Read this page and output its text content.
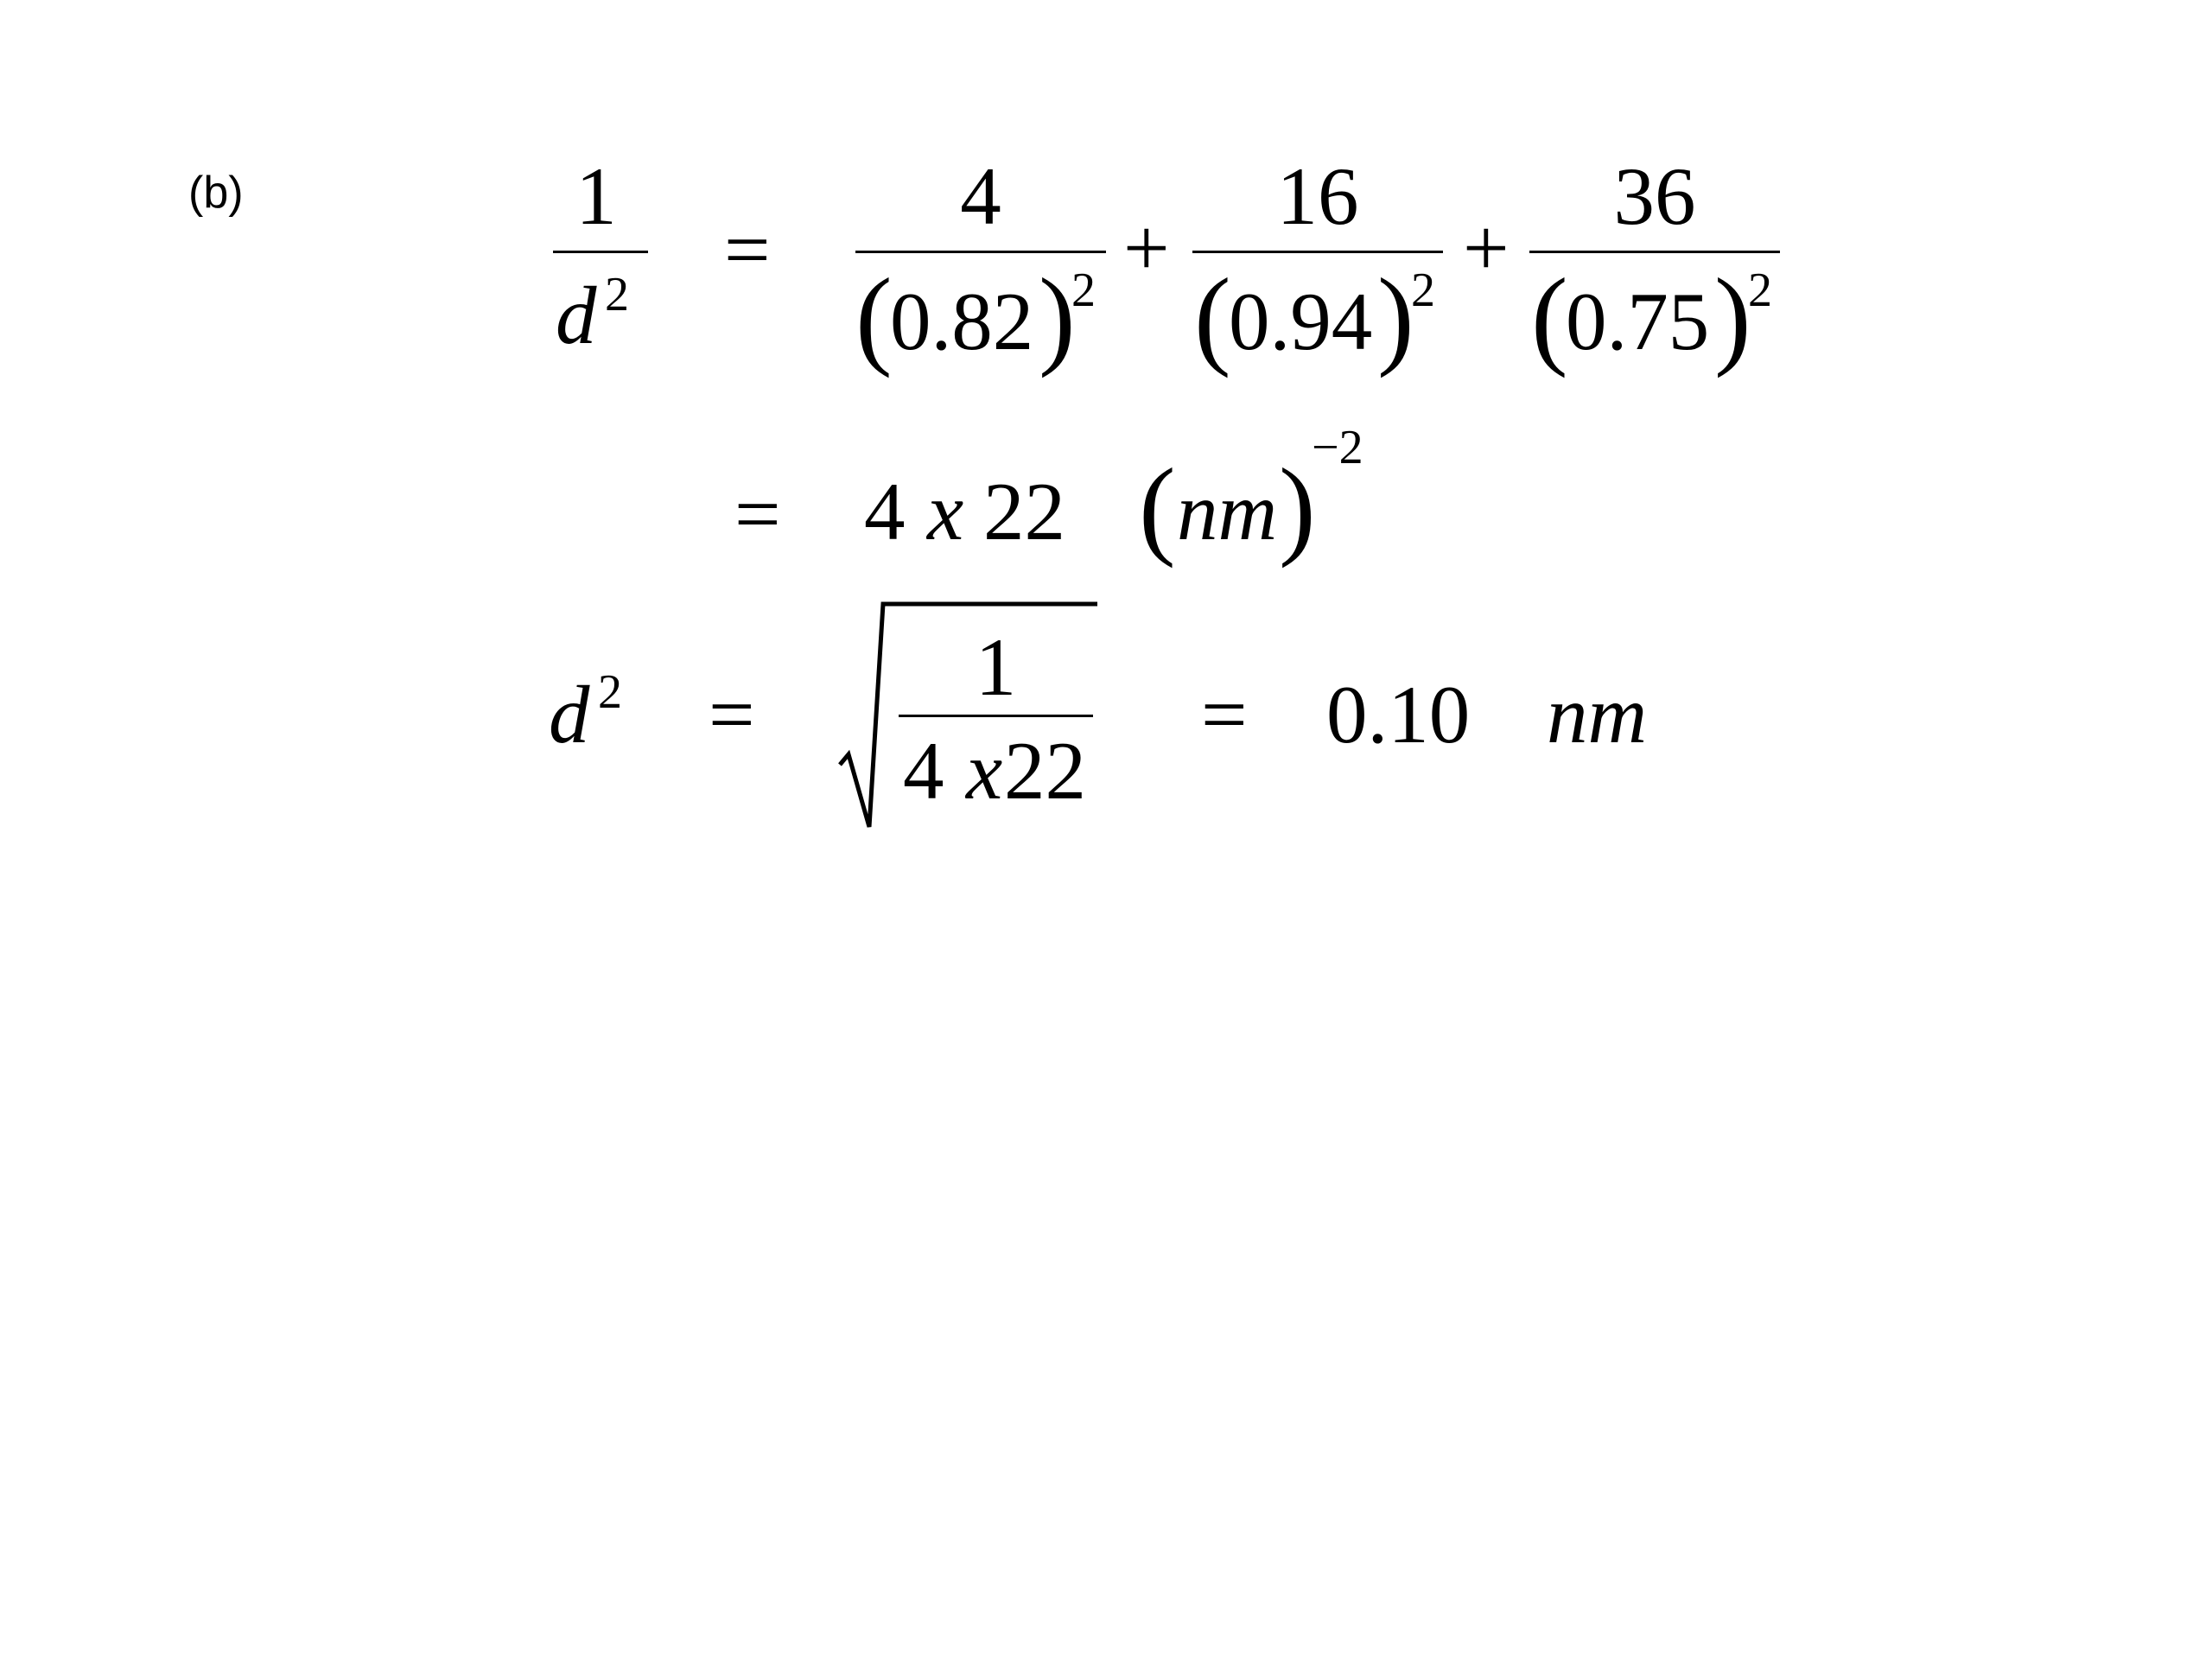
(b)	1
d 2 =
4
(
0.82 )
2 +
16
(
0.94 )
2 +
36
(
0.75 )
2
= 4 x 22 ( nm )
−2
d 2 =
1
4 x 22
= 0.10 nm
